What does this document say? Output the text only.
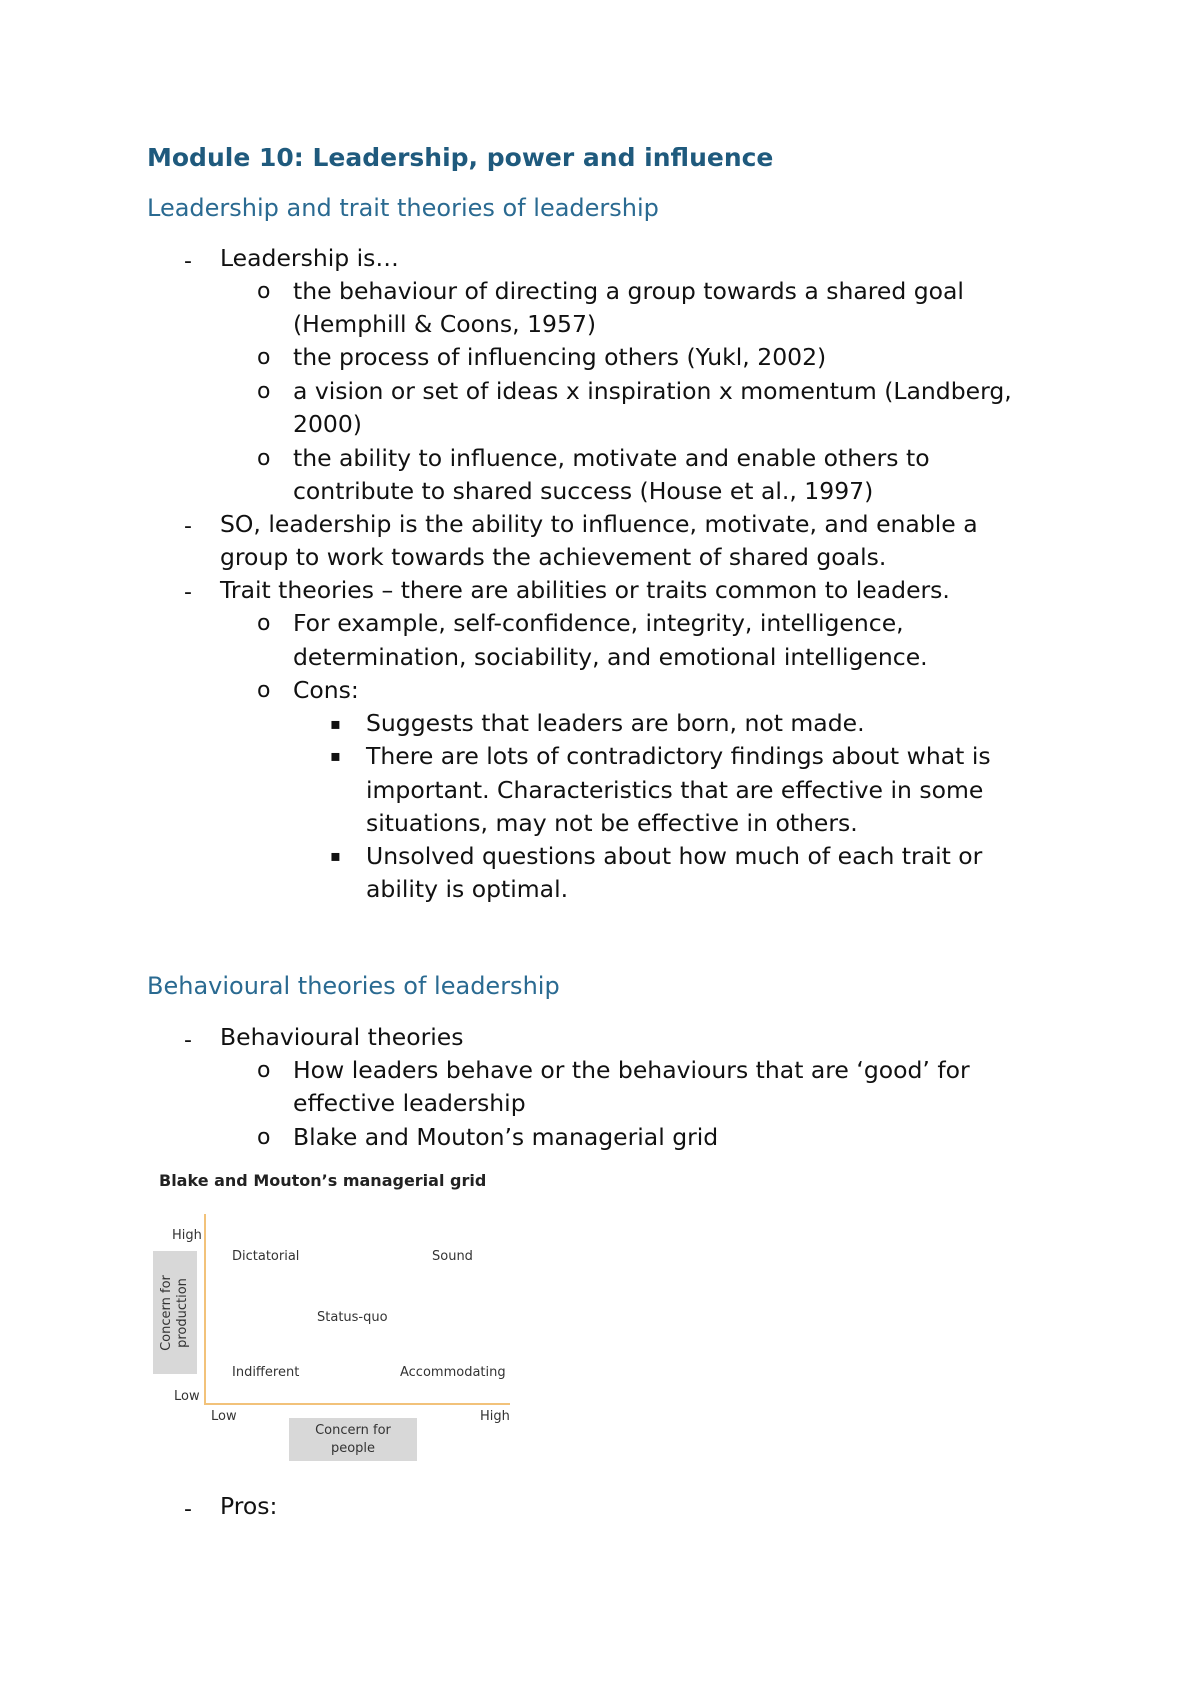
Module 10: Leadership, power and influence
Leadership and trait theories of leadership
- Leadership is…
o the behaviour of directing a group towards a shared goal
(Hemphill & Coons, 1957)
o the process of influencing others (Yukl, 2002)
o a vision or set of ideas x inspiration x momentum (Landberg,
2000)
o the ability to influence, motivate and enable others to
contribute to shared success (House et al., 1997)
- SO, leadership is the ability to influence, motivate, and enable a
group to work towards the achievement of shared goals.
- Trait theories – there are abilities or traits common to leaders.
o For example, self-confidence, integrity, intelligence,
determination, sociability, and emotional intelligence.
o Cons:
▪ Suggests that leaders are born, not made.
▪ There are lots of contradictory findings about what is
important. Characteristics that are effective in some
situations, may not be effective in others.
▪ Unsolved questions about how much of each trait or
ability is optimal.
Behavioural theories of leadership
- Behavioural theories
o How leaders behave or the behaviours that are ‘good’ for
effective leadership
o Blake and Mouton’s managerial grid
Blake and Mouton’s managerial grid
High
Low
Concern for production
Dictatorial	Sound
Status-quo
Indifferent	Accommodating
Low	High
Concern for
people
- Pros:
